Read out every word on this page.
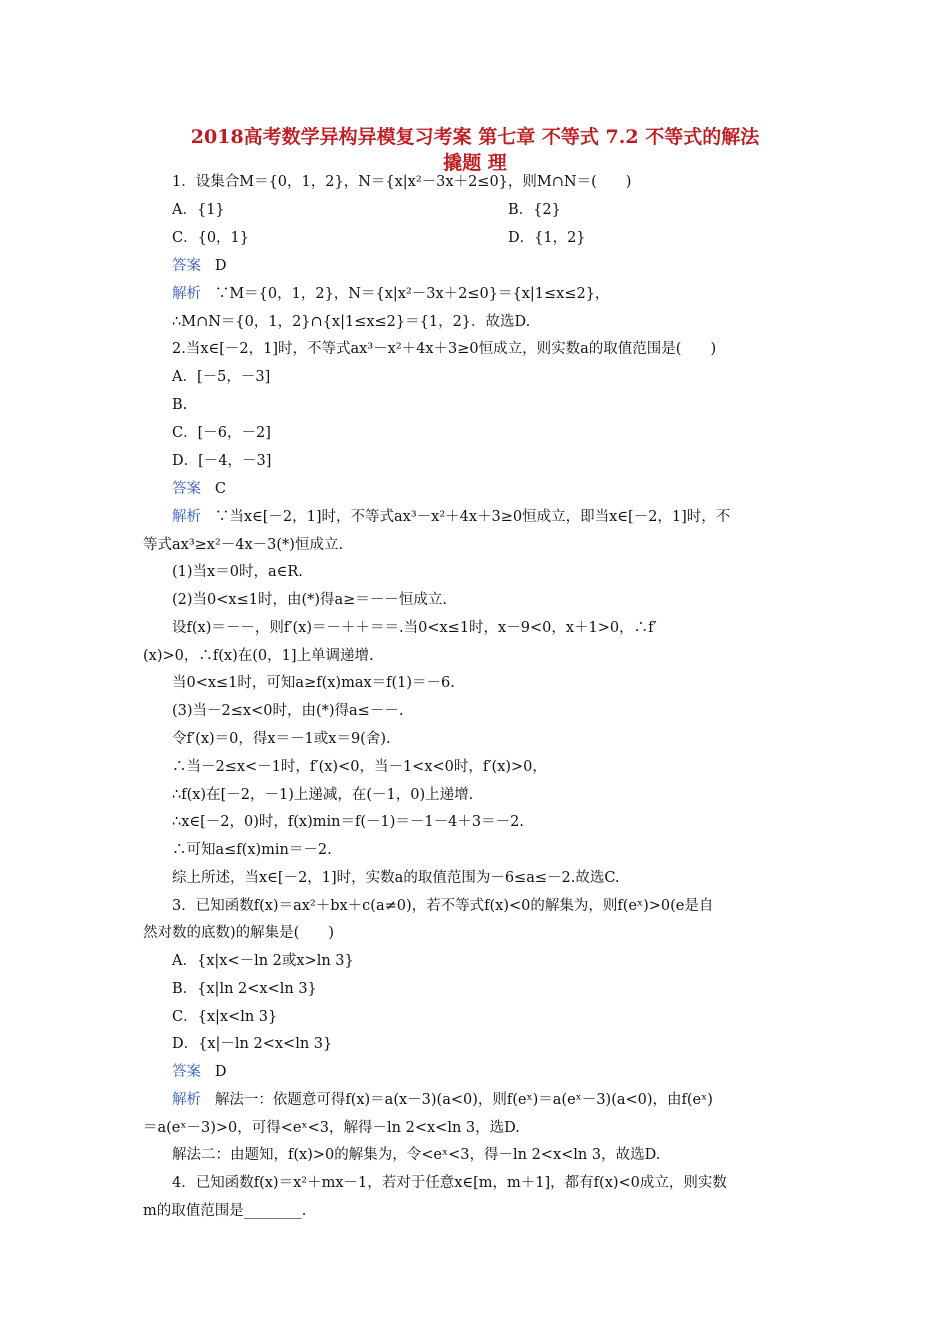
2018高考数学异构异模复习考案 第七章 不等式 7.2 不等式的解法
撬题 理
1．设集合M＝{0，1，2}，N＝{x|x²－3x＋2≤0}，则M∩N＝(　　)
A．{1}	B．{2}
C．{0，1}	D．{1，2}
答案 D
解析 ∵M＝{0，1，2}，N＝{x|x²－3x＋2≤0}＝{x|1≤x≤2}，
∴M∩N＝{0，1，2}∩{x|1≤x≤2}＝{1，2}．故选D.
2.当x∈[－2，1]时，不等式ax³－x²＋4x＋3≥0恒成立，则实数a的取值范围是(　　)
A．[－5，－3]
B.
C．[－6，－2]
D．[－4，－3]
答案 C
解析 ∵当x∈[－2，1]时，不等式ax³－x²＋4x＋3≥0恒成立，即当x∈[－2，1]时，不
等式ax³≥x²－4x－3(*)恒成立.
(1)当x＝0时，a∈R.
(2)当0<x≤1时，由(*)得a≥＝－－恒成立.
设f(x)＝－－，则f′(x)＝－＋＋＝＝.当0<x≤1时，x－9<0，x＋1>0，∴f′
(x)>0，∴f(x)在(0，1]上单调递增.
当0<x≤1时，可知a≥f(x)max＝f(1)＝－6.
(3)当－2≤x<0时，由(*)得a≤－－.
令f′(x)＝0，得x＝－1或x＝9(舍).
∴当－2≤x<－1时，f′(x)<0，当－1<x<0时，f′(x)>0，
∴f(x)在[－2，－1)上递减，在(－1，0)上递增.
∴x∈[－2，0)时，f(x)min＝f(－1)＝－1－4＋3＝－2.
∴可知a≤f(x)min＝－2.
综上所述，当x∈[－2，1]时，实数a的取值范围为－6≤a≤－2.故选C.
3．已知函数f(x)＝ax²＋bx＋c(a≠0)，若不等式f(x)<0的解集为，则f(eˣ)>0(e是自
然对数的底数)的解集是(　　)
A．{x|x<－ln 2或x>ln 3}
B．{x|ln 2<x<ln 3}
C．{x|x<ln 3}
D．{x|－ln 2<x<ln 3}
答案 D
解析 解法一：依题意可得f(x)＝a(x－3)(a<0)，则f(eˣ)＝a(eˣ－3)(a<0)，由f(eˣ)
＝a(eˣ－3)>0，可得<eˣ<3，解得－ln 2<x<ln 3，选D.
解法二：由题知，f(x)>0的解集为，令<eˣ<3，得－ln 2<x<ln 3，故选D.
4．已知函数f(x)＝x²＋mx－1，若对于任意x∈[m，m＋1]，都有f(x)<0成立，则实数
m的取值范围是________.
